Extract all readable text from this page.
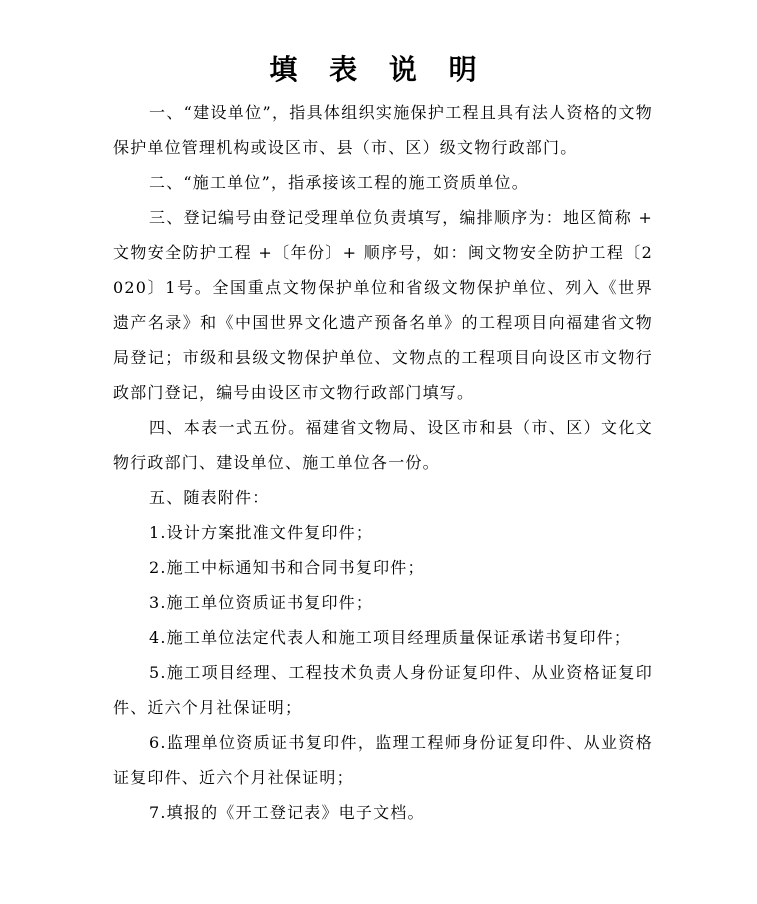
填 表 说 明

一、“建设单位”，指具体组织实施保护工程且具有法人资格的文物保护单位管理机构或设区市、县（市、区）级文物行政部门。

二、“施工单位”，指承接该工程的施工资质单位。

三、登记编号由登记受理单位负责填写，编排顺序为：地区简称 + 文物安全防护工程 +〔年份〕+ 顺序号，如：闽文物安全防护工程〔2020〕1号。全国重点文物保护单位和省级文物保护单位、列入《世界遗产名录》和《中国世界文化遗产预备名单》的工程项目向福建省文物局登记；市级和县级文物保护单位、文物点的工程项目向设区市文物行政部门登记，编号由设区市文物行政部门填写。

四、本表一式五份。福建省文物局、设区市和县（市、区）文化文物行政部门、建设单位、施工单位各一份。

五、随表附件：

1.设计方案批准文件复印件；

2.施工中标通知书和合同书复印件；

3.施工单位资质证书复印件；

4.施工单位法定代表人和施工项目经理质量保证承诺书复印件；

5.施工项目经理、工程技术负责人身份证复印件、从业资格证复印件、近六个月社保证明；

6.监理单位资质证书复印件，监理工程师身份证复印件、从业资格证复印件、近六个月社保证明；

7.填报的《开工登记表》电子文档。
